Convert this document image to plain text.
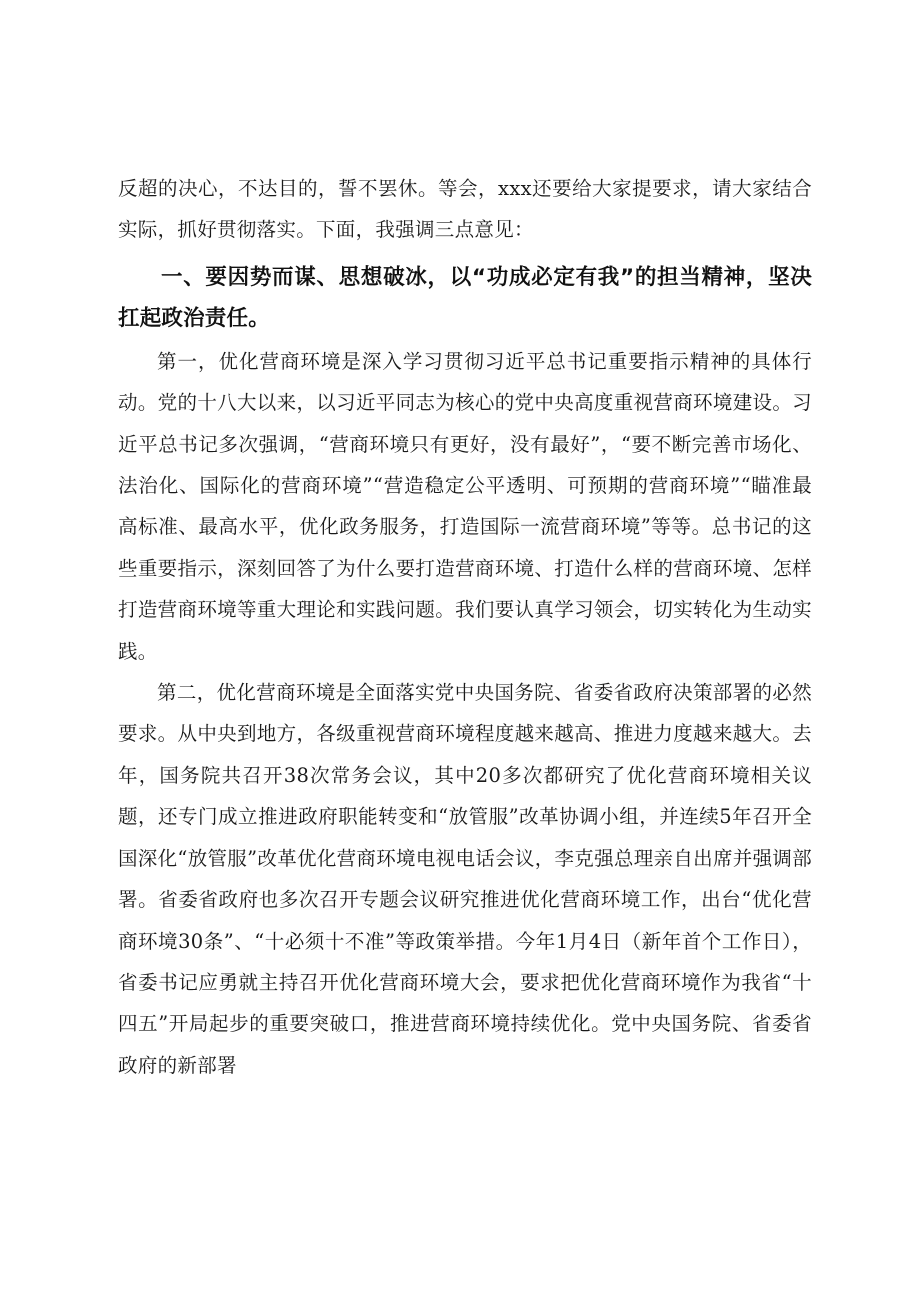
反超的决心，不达目的，誓不罢休。等会，xxx还要给大家提要求，请大家结合实际，抓好贯彻落实。下面，我强调三点意见：

一、要因势而谋、思想破冰，以“功成必定有我”的担当精神，坚决扛起政治责任。

第一，优化营商环境是深入学习贯彻习近平总书记重要指示精神的具体行动。党的十八大以来，以习近平同志为核心的党中央高度重视营商环境建设。习近平总书记多次强调，“营商环境只有更好，没有最好”，“要不断完善市场化、法治化、国际化的营商环境”“营造稳定公平透明、可预期的营商环境”“瞄准最高标准、最高水平，优化政务服务，打造国际一流营商环境”等等。总书记的这些重要指示，深刻回答了为什么要打造营商环境、打造什么样的营商环境、怎样打造营商环境等重大理论和实践问题。我们要认真学习领会，切实转化为生动实践。

第二，优化营商环境是全面落实党中央国务院、省委省政府决策部署的必然要求。从中央到地方，各级重视营商环境程度越来越高、推进力度越来越大。去年，国务院共召开38次常务会议，其中20多次都研究了优化营商环境相关议题，还专门成立推进政府职能转变和“放管服”改革协调小组，并连续5年召开全国深化“放管服”改革优化营商环境电视电话会议，李克强总理亲自出席并强调部署。省委省政府也多次召开专题会议研究推进优化营商环境工作，出台“优化营商环境30条”、“十必须十不准”等政策举措。今年1月4日（新年首个工作日），省委书记应勇就主持召开优化营商环境大会，要求把优化营商环境作为我省“十四五”开局起步的重要突破口，推进营商环境持续优化。党中央国务院、省委省政府的新部署
